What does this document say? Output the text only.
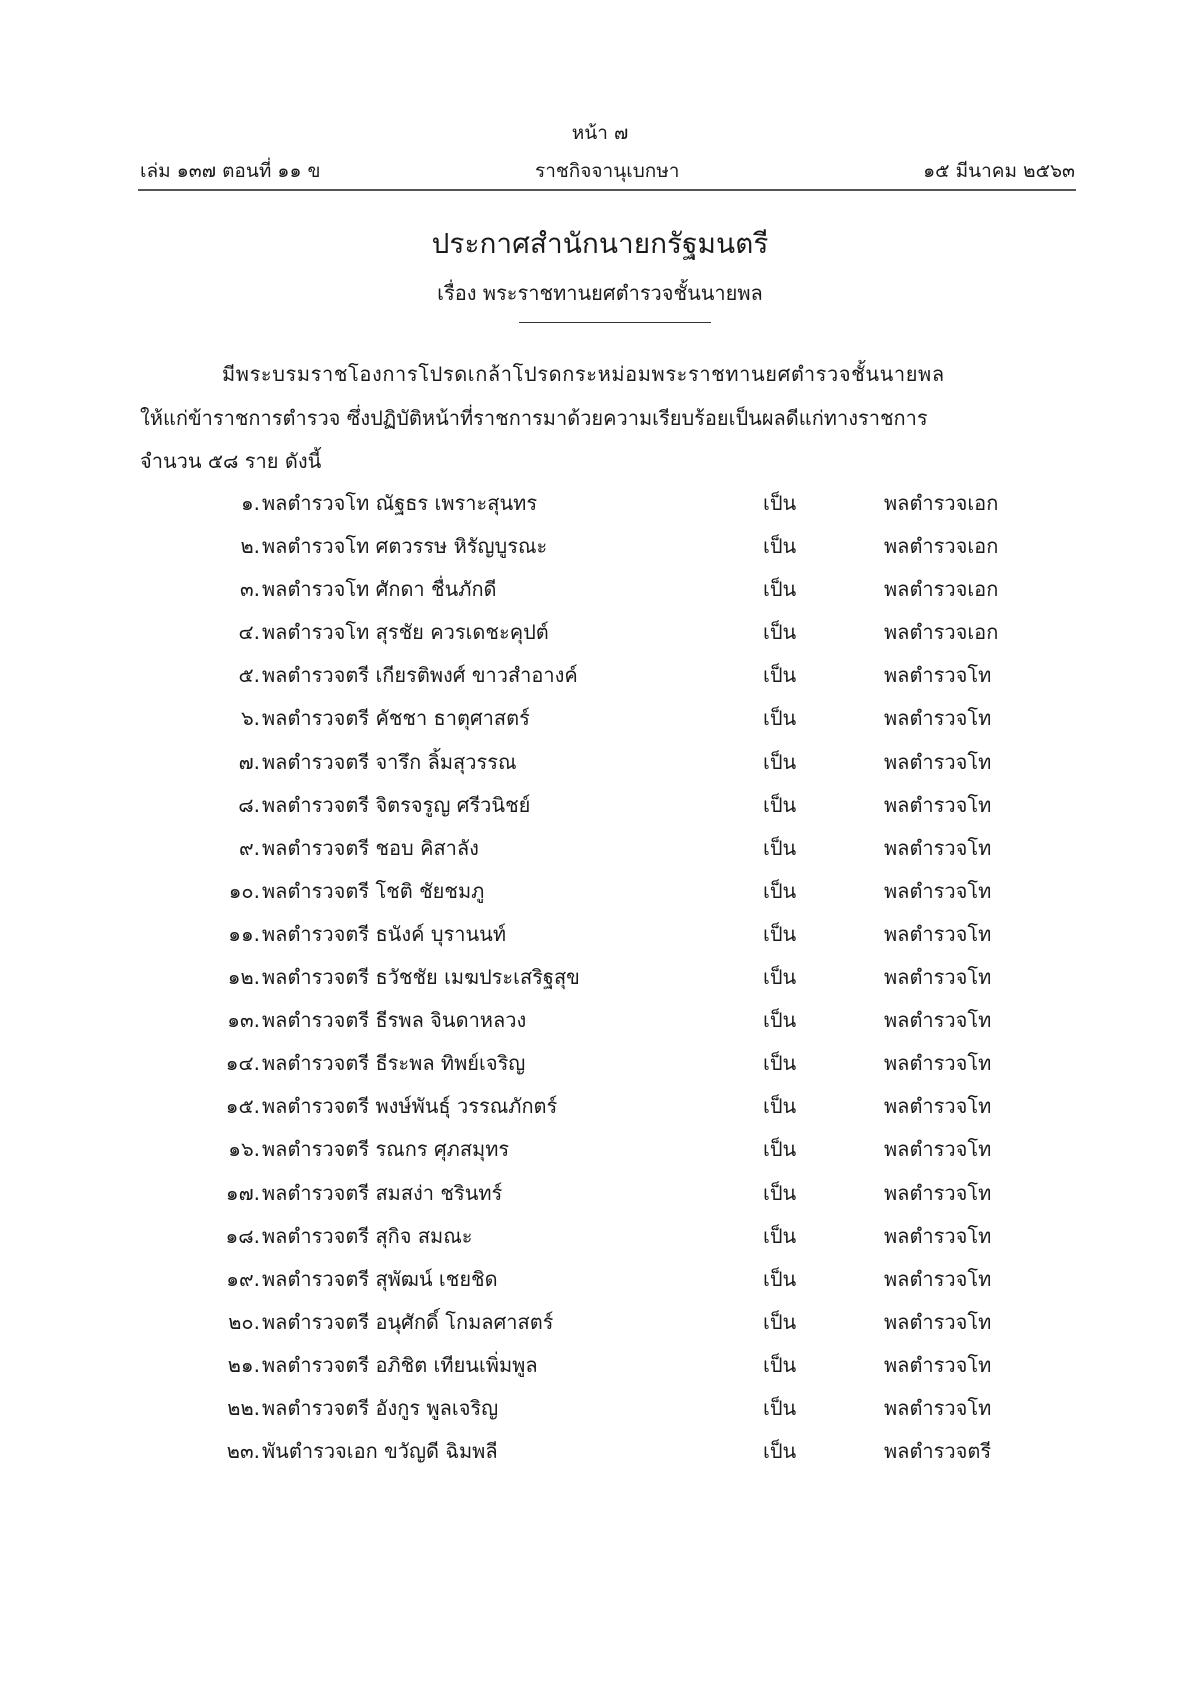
หน้า ๗
เล่ม ๑๓๗ ตอนที่ ๑๑ ข	ราชกิจจานุเบกษา	๑๕ มีนาคม ๒๕๖๓
ประกาศสำนักนายกรัฐมนตรี
เรื่อง พระราชทานยศตำรวจชั้นนายพล
มีพระบรมราชโองการโปรดเกล้าโปรดกระหม่อมพระราชทานยศตำรวจชั้นนายพล
ให้แก่ข้าราชการตำรวจ ซึ่งปฏิบัติหน้าที่ราชการมาด้วยความเรียบร้อยเป็นผลดีแก่ทางราชการ
จำนวน ๕๘ ราย ดังนี้
๑. พลตำรวจโท ณัฐธร เพราะสุนทร	เป็น	พลตำรวจเอก
๒. พลตำรวจโท ศตวรรษ หิรัญบูรณะ	เป็น	พลตำรวจเอก
๓. พลตำรวจโท ศักดา ชื่นภักดี	เป็น	พลตำรวจเอก
๔. พลตำรวจโท สุรชัย ควรเดชะคุปต์	เป็น	พลตำรวจเอก
๕. พลตำรวจตรี เกียรติพงศ์ ขาวสำอางค์	เป็น	พลตำรวจโท
๖. พลตำรวจตรี คัชชา ธาตุศาสตร์	เป็น	พลตำรวจโท
๗. พลตำรวจตรี จารึก ลิ้มสุวรรณ	เป็น	พลตำรวจโท
๘. พลตำรวจตรี จิตรจรูญ ศรีวนิชย์	เป็น	พลตำรวจโท
๙. พลตำรวจตรี ชอบ คิสาลัง	เป็น	พลตำรวจโท
๑๐. พลตำรวจตรี โชติ ชัยชมภู	เป็น	พลตำรวจโท
๑๑. พลตำรวจตรี ธนังค์ บุรานนท์	เป็น	พลตำรวจโท
๑๒. พลตำรวจตรี ธวัชชัย เมฆประเสริฐสุข	เป็น	พลตำรวจโท
๑๓. พลตำรวจตรี ธีรพล จินดาหลวง	เป็น	พลตำรวจโท
๑๔. พลตำรวจตรี ธีระพล ทิพย์เจริญ	เป็น	พลตำรวจโท
๑๕. พลตำรวจตรี พงษ์พันธุ์ วรรณภักตร์	เป็น	พลตำรวจโท
๑๖. พลตำรวจตรี รณกร ศุภสมุทร	เป็น	พลตำรวจโท
๑๗. พลตำรวจตรี สมสง่า ชรินทร์	เป็น	พลตำรวจโท
๑๘. พลตำรวจตรี สุกิจ สมณะ	เป็น	พลตำรวจโท
๑๙. พลตำรวจตรี สุพัฒน์ เชยชิด	เป็น	พลตำรวจโท
๒๐. พลตำรวจตรี อนุศักดิ์ โกมลศาสตร์	เป็น	พลตำรวจโท
๒๑. พลตำรวจตรี อภิชิต เทียนเพิ่มพูล	เป็น	พลตำรวจโท
๒๒. พลตำรวจตรี อังกูร พูลเจริญ	เป็น	พลตำรวจโท
๒๓. พันตำรวจเอก ขวัญดี ฉิมพลี	เป็น	พลตำรวจตรี
